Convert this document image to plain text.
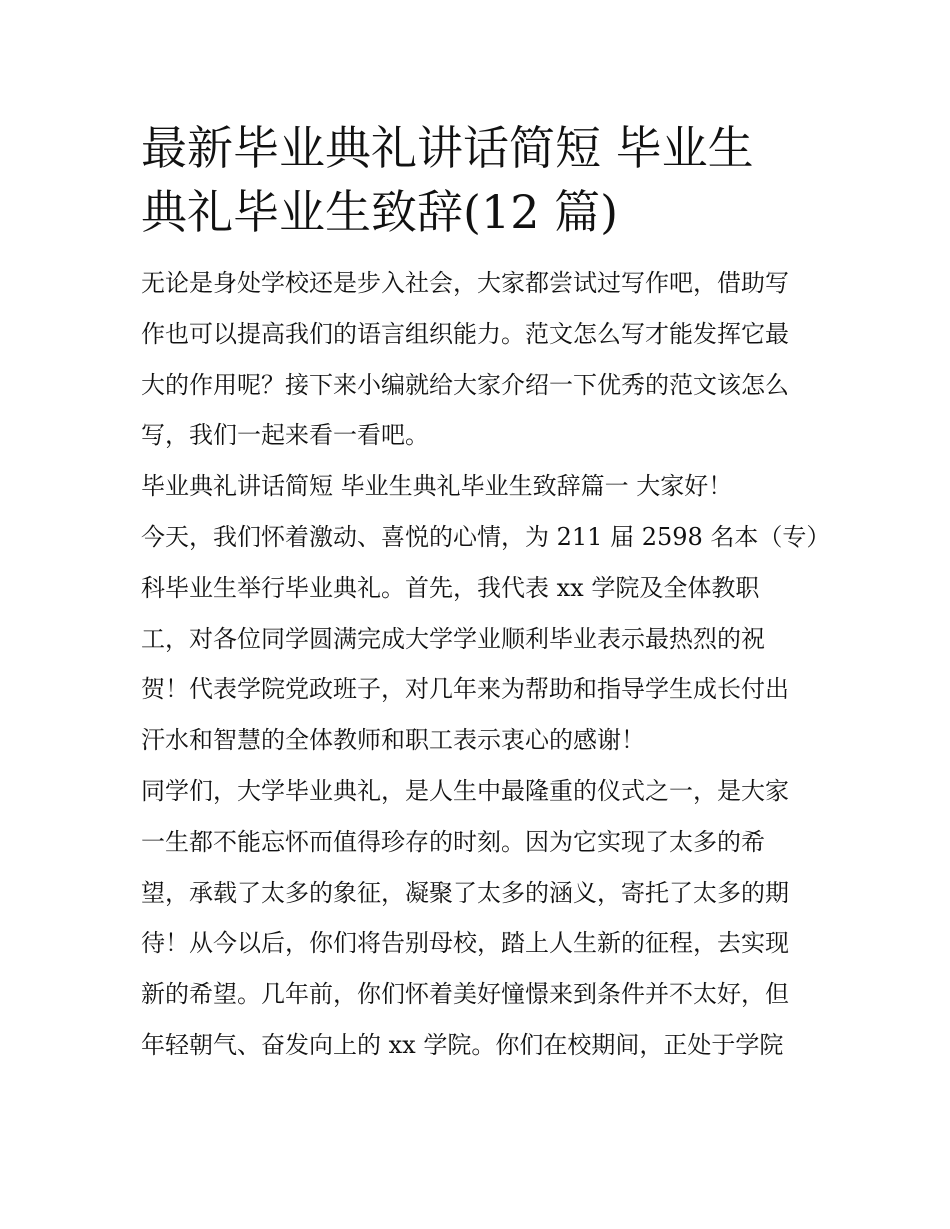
最新毕业典礼讲话简短 毕业生
典礼毕业生致辞(12 篇)

无论是身处学校还是步入社会，大家都尝试过写作吧，借助写
作也可以提高我们的语言组织能力。范文怎么写才能发挥它最
大的作用呢？接下来小编就给大家介绍一下优秀的范文该怎么
写，我们一起来看一看吧。

毕业典礼讲话简短 毕业生典礼毕业生致辞篇一 大家好！

今天，我们怀着激动、喜悦的心情，为 211 届 2598 名本（专）
科毕业生举行毕业典礼。首先，我代表 xx 学院及全体教职
工，对各位同学圆满完成大学学业顺利毕业表示最热烈的祝
贺！代表学院党政班子，对几年来为帮助和指导学生成长付出
汗水和智慧的全体教师和职工表示衷心的感谢！

同学们，大学毕业典礼，是人生中最隆重的仪式之一，是大家
一生都不能忘怀而值得珍存的时刻。因为它实现了太多的希
望，承载了太多的象征，凝聚了太多的涵义，寄托了太多的期
待！从今以后，你们将告别母校，踏上人生新的征程，去实现
新的希望。几年前，你们怀着美好憧憬来到条件并不太好，但
年轻朝气、奋发向上的 xx 学院。你们在校期间，正处于学院
